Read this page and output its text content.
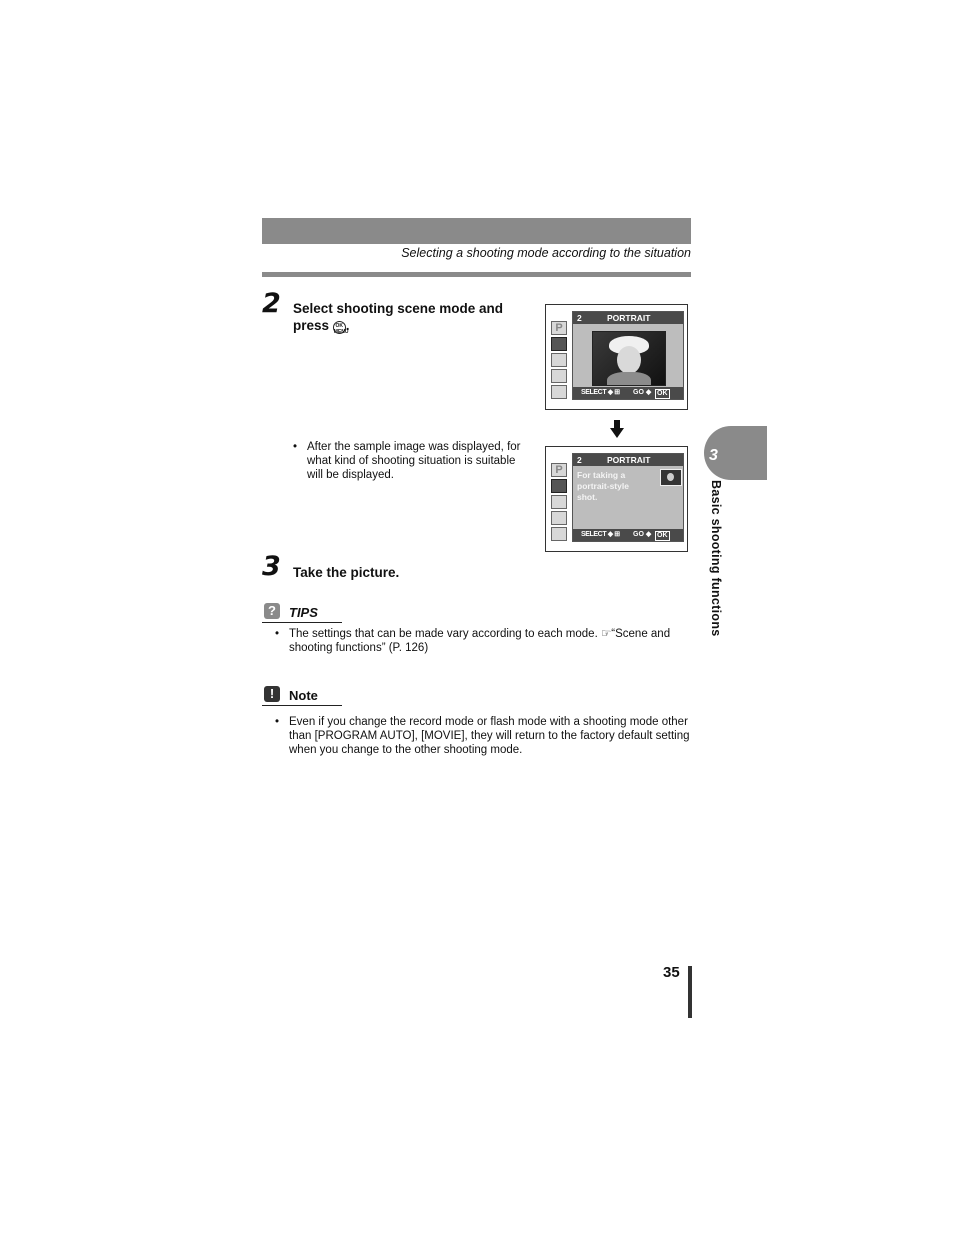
Selecting a shooting mode according to the situation
2 Select shooting scene mode and
press OK MENU.
• After the sample image was displayed, for what kind of shooting situation is suitable will be displayed.
P
2	PORTRAIT
SELECT ◆ ⊞ GO ◆ OK
P
2	PORTRAIT
For taking a portrait-style shot.
SELECT ◆ ⊞ GO ◆ OK
3 Take the picture.
?	TIPS
• The settings that can be made vary according to each mode. ☞“Scene and
shooting functions” (P. 126)
!	Note
• Even if you change the record mode or flash mode with a shooting mode other
than [PROGRAM AUTO], [MOVIE], they will return to the factory default setting
when you change to the other shooting mode.
3
Basic shooting functions
35
